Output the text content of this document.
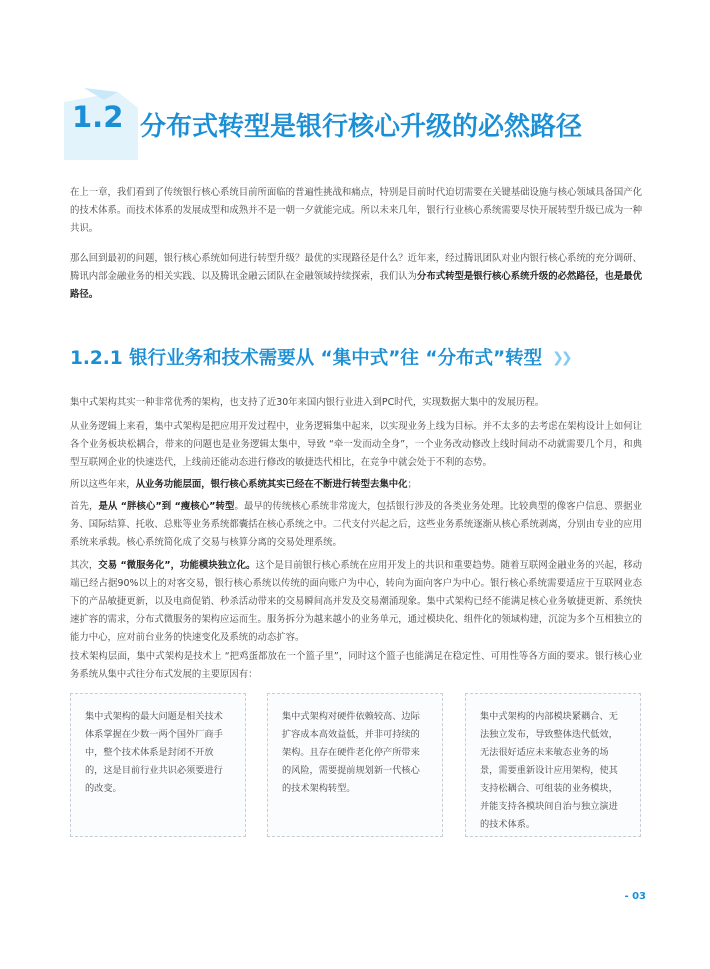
1.2 分布式转型是银行核心升级的必然路径

在上一章，我们看到了传统银行核心系统目前所面临的普遍性挑战和痛点，特别是目前时代迫切需要在关键基础设施与核心领域具备国产化的技术体系。而技术体系的发展成型和成熟并不是一朝一夕就能完成。所以未来几年，银行行业核心系统需要尽快开展转型升级已成为一种共识。

那么回到最初的问题，银行核心系统如何进行转型升级？最优的实现路径是什么？近年来，经过腾讯团队对业内银行核心系统的充分调研、腾讯内部金融业务的相关实践、以及腾讯金融云团队在金融领域持续探索，我们认为分布式转型是银行核心系统升级的必然路径，也是最优路径。

1.2.1 银行业务和技术需要从 “集中式”往 “分布式”转型 ❯❯

集中式架构其实一种非常优秀的架构，也支持了近30年来国内银行业进入到PC时代，实现数据大集中的发展历程。

从业务逻辑上来看，集中式架构是把应用开发过程中，业务逻辑集中起来，以实现业务上线为目标。并不太多的去考虑在架构设计上如何让各个业务板块松耦合，带来的问题也是业务逻辑太集中，导致 “牵一发而动全身”，一个业务改动修改上线时间动不动就需要几个月，和典型互联网企业的快速迭代，上线前还能动态进行修改的敏捷迭代相比，在竞争中就会处于不利的态势。

所以这些年来，从业务功能层面，银行核心系统其实已经在不断进行转型去集中化；

首先，是从 “胖核心”到 “瘦核心”转型。最早的传统核心系统非常庞大，包括银行涉及的各类业务处理。比较典型的像客户信息、票据业务、国际结算、托收、总账等业务系统都囊括在核心系统之中。二代支付兴起之后，这些业务系统逐渐从核心系统剥离，分别由专业的应用系统来承载。核心系统简化成了交易与核算分离的交易处理系统。

其次，交易 “微服务化”，功能模块独立化。这个是目前银行核心系统在应用开发上的共识和重要趋势。随着互联网金融业务的兴起，移动端已经占据90%以上的对客交易，银行核心系统以传统的面向账户为中心，转向为面向客户为中心。银行核心系统需要适应于互联网业态下的产品敏捷更新，以及电商促销、秒杀活动带来的交易瞬间高并发及交易潮涌现象。集中式架构已经不能满足核心业务敏捷更新、系统快速扩容的需求，分布式微服务的架构应运而生。服务拆分为越来越小的业务单元，通过模块化、组件化的领域构建，沉淀为多个互相独立的能力中心，应对前台业务的快速变化及系统的动态扩容。

技术架构层面，集中式架构是技术上 “把鸡蛋都放在一个篮子里”，同时这个篮子也能满足在稳定性、可用性等各方面的要求。银行核心业务系统从集中式往分布式发展的主要原因有：

集中式架构的最大问题是相关技术体系掌握在少数一两个国外厂商手中，整个技术体系是封闭不开放的，这是目前行业共识必须要进行的改变。

集中式架构对硬件依赖较高、边际扩容成本高效益低，并非可持续的架构。且存在硬件老化停产所带来的风险，需要提前规划新一代核心的技术架构转型。

集中式架构的内部模块紧耦合、无法独立发布，导致整体迭代低效，无法很好适应未来敏态业务的场景，需要重新设计应用架构，使其支持松耦合、可组装的业务模块，并能支持各模块间自治与独立演进的技术体系。

- 03
